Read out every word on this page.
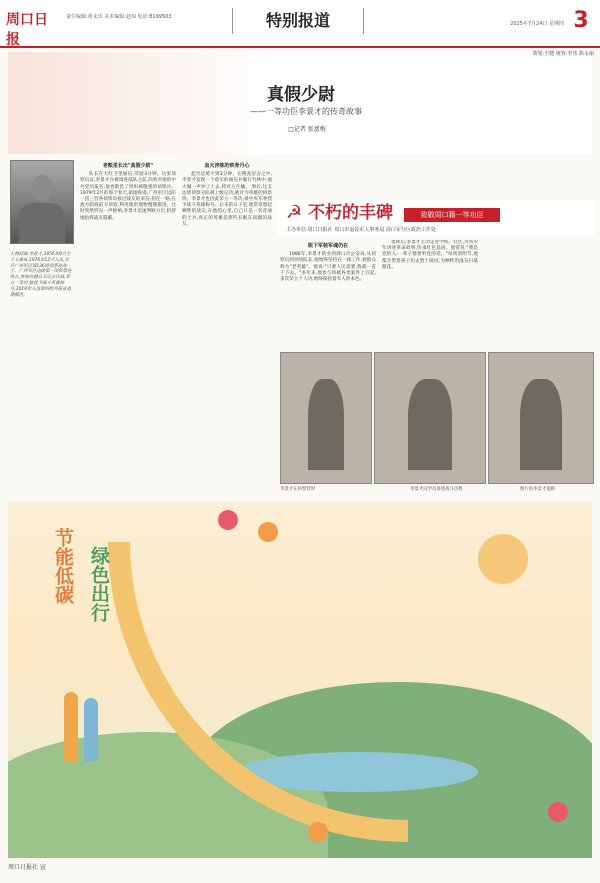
周口日报
责任编辑:黄永乐 美术编辑:赵琼 电话:8199503	特别报道	2025年7月24日 星期四 3
策划:王健 统筹:李伟 陈永丽
真假少尉
——一等功臣李景才的传奇故事
□记者 张富梅
人物档案:李景才,1956年9月生于太康县,1976年12月入伍,历任广州军区第136师侦察连战士、广西军区边防第一团侦察连班长,参加对越自卫反击作战,荣立一等功,被授予战斗英雄称号,2019年入选第四批河南省道德模范。
老帐里长出"真假少尉"

队长在大红卫里通信,驾驶3分钟。这张侦察员证,李景才在被调进部队之前,尚曾对他的中共党员报名,他也敬畏了组织被敬重的侦察兵。 1979年2月的那个春天,硝烟弥漫,广西军区边防一团三营各侦察员接过战友的来信,担任一路,在敌方防线前方侦察,利用地形地物慢慢摸进。这时突然听见一声枪响,李景才迅速判断方位,机智地指挥战友隐蔽。

血火淬炼的铁骨丹心

起至边境不到3分钟。在搜查房舍之中,李景才发现一个敌军的通信兵躲在竹林中,他大喊一声冲了上去,将对方生擒。 事后,这支边境侦察分队被上级记功,被评为英雄的侦察班。李景才也因此荣立一等功,被中央军委授予战斗英雄称号。后来的日子里,他常常想起牺牲的战友,在他的心里,自己只是一名普通的士兵,真正的英雄是那些长眠在南疆的战友。

☭ 不朽的丰碑	致敬周口籍一等功臣
主办单位:周口日报社 周口市退役军人事务局 周口军分区政治工作处
脱下军装军魂仍在

1986年,李景才转业到周口市公安局,从侦察员到刑侦队长,他始终坚持在一线工作,被群众称为"老英雄"。他说:"只要人民需要,我就一直干下去。"多年来,他参与侦破各类案件上百起,多次荣立个人功,始终保持着军人的本色。

退休后,李景才主动走进学校、社区,为青少年讲述革命故事,传承红色基因。他常说:"我是党的人,一辈子都要听党的话。"每到清明节,他都会带着孩子们去烈士陵园,为牺牲的战友扫墓献花。

李景才在侦察营时	李景才向学员讲述战斗历程	图片由李景才提供
节能低碳 绿色出行
周口日报社 宣
